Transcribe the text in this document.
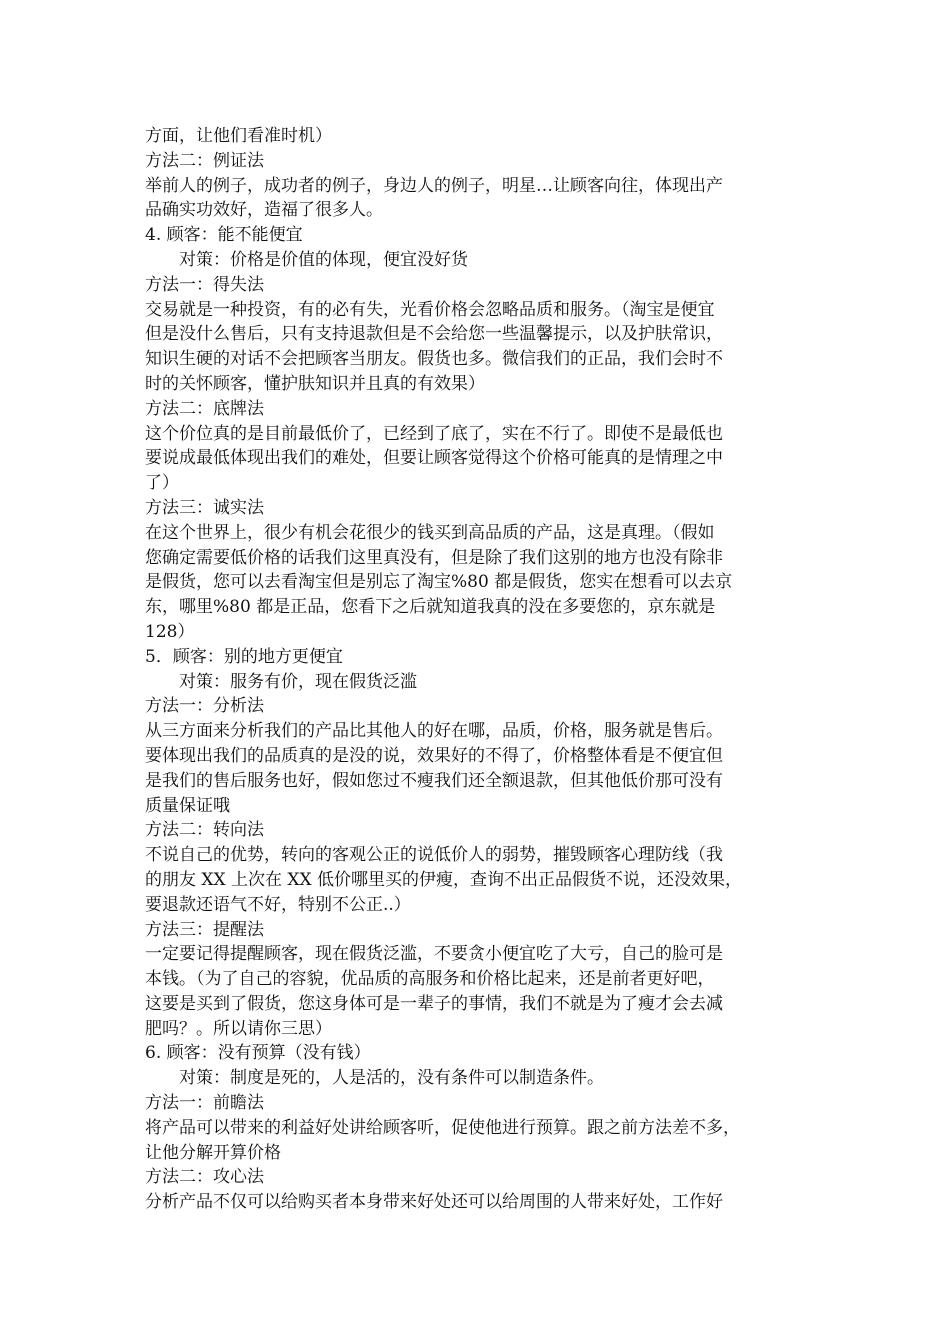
方面，让他们看准时机）
方法二：例证法
举前人的例子，成功者的例子，身边人的例子，明星…让顾客向往，体现出产
品确实功效好，造福了很多人。
4. 顾客：能不能便宜
对策：价格是价值的体现，便宜没好货
方法一：得失法
交易就是一种投资，有的必有失，光看价格会忽略品质和服务。（淘宝是便宜
但是没什么售后，只有支持退款但是不会给您一些温馨提示，以及护肤常识，
知识生硬的对话不会把顾客当朋友。假货也多。微信我们的正品，我们会时不
时的关怀顾客，懂护肤知识并且真的有效果）
方法二：底牌法
这个价位真的是目前最低价了，已经到了底了，实在不行了。即使不是最低也
要说成最低体现出我们的难处，但要让顾客觉得这个价格可能真的是情理之中
了）
方法三：诚实法
在这个世界上，很少有机会花很少的钱买到高品质的产品，这是真理。（假如
您确定需要低价格的话我们这里真没有，但是除了我们这别的地方也没有除非
是假货，您可以去看淘宝但是别忘了淘宝%80 都是假货，您实在想看可以去京
东，哪里%80 都是正品，您看下之后就知道我真的没在多要您的，京东就是
128）
5．顾客：别的地方更便宜
对策：服务有价，现在假货泛滥
方法一：分析法
从三方面来分析我们的产品比其他人的好在哪，品质，价格，服务就是售后。
要体现出我们的品质真的是没的说，效果好的不得了，价格整体看是不便宜但
是我们的售后服务也好，假如您过不瘦我们还全额退款，但其他低价那可没有
质量保证哦
方法二：转向法
不说自己的优势，转向的客观公正的说低价人的弱势，摧毁顾客心理防线（我
的朋友 XX 上次在 XX 低价哪里买的伊瘦，查询不出正品假货不说，还没效果，
要退款还语气不好，特别不公正..）
方法三：提醒法
一定要记得提醒顾客，现在假货泛滥，不要贪小便宜吃了大亏，自己的脸可是
本钱。（为了自己的容貌，优品质的高服务和价格比起来，还是前者更好吧，
这要是买到了假货，您这身体可是一辈子的事情，我们不就是为了瘦才会去减
肥吗？。所以请你三思）
6. 顾客：没有预算（没有钱）
对策：制度是死的，人是活的，没有条件可以制造条件。
方法一：前瞻法
将产品可以带来的利益好处讲给顾客听，促使他进行预算。跟之前方法差不多，
让他分解开算价格
方法二：攻心法
分析产品不仅可以给购买者本身带来好处还可以给周围的人带来好处，工作好
